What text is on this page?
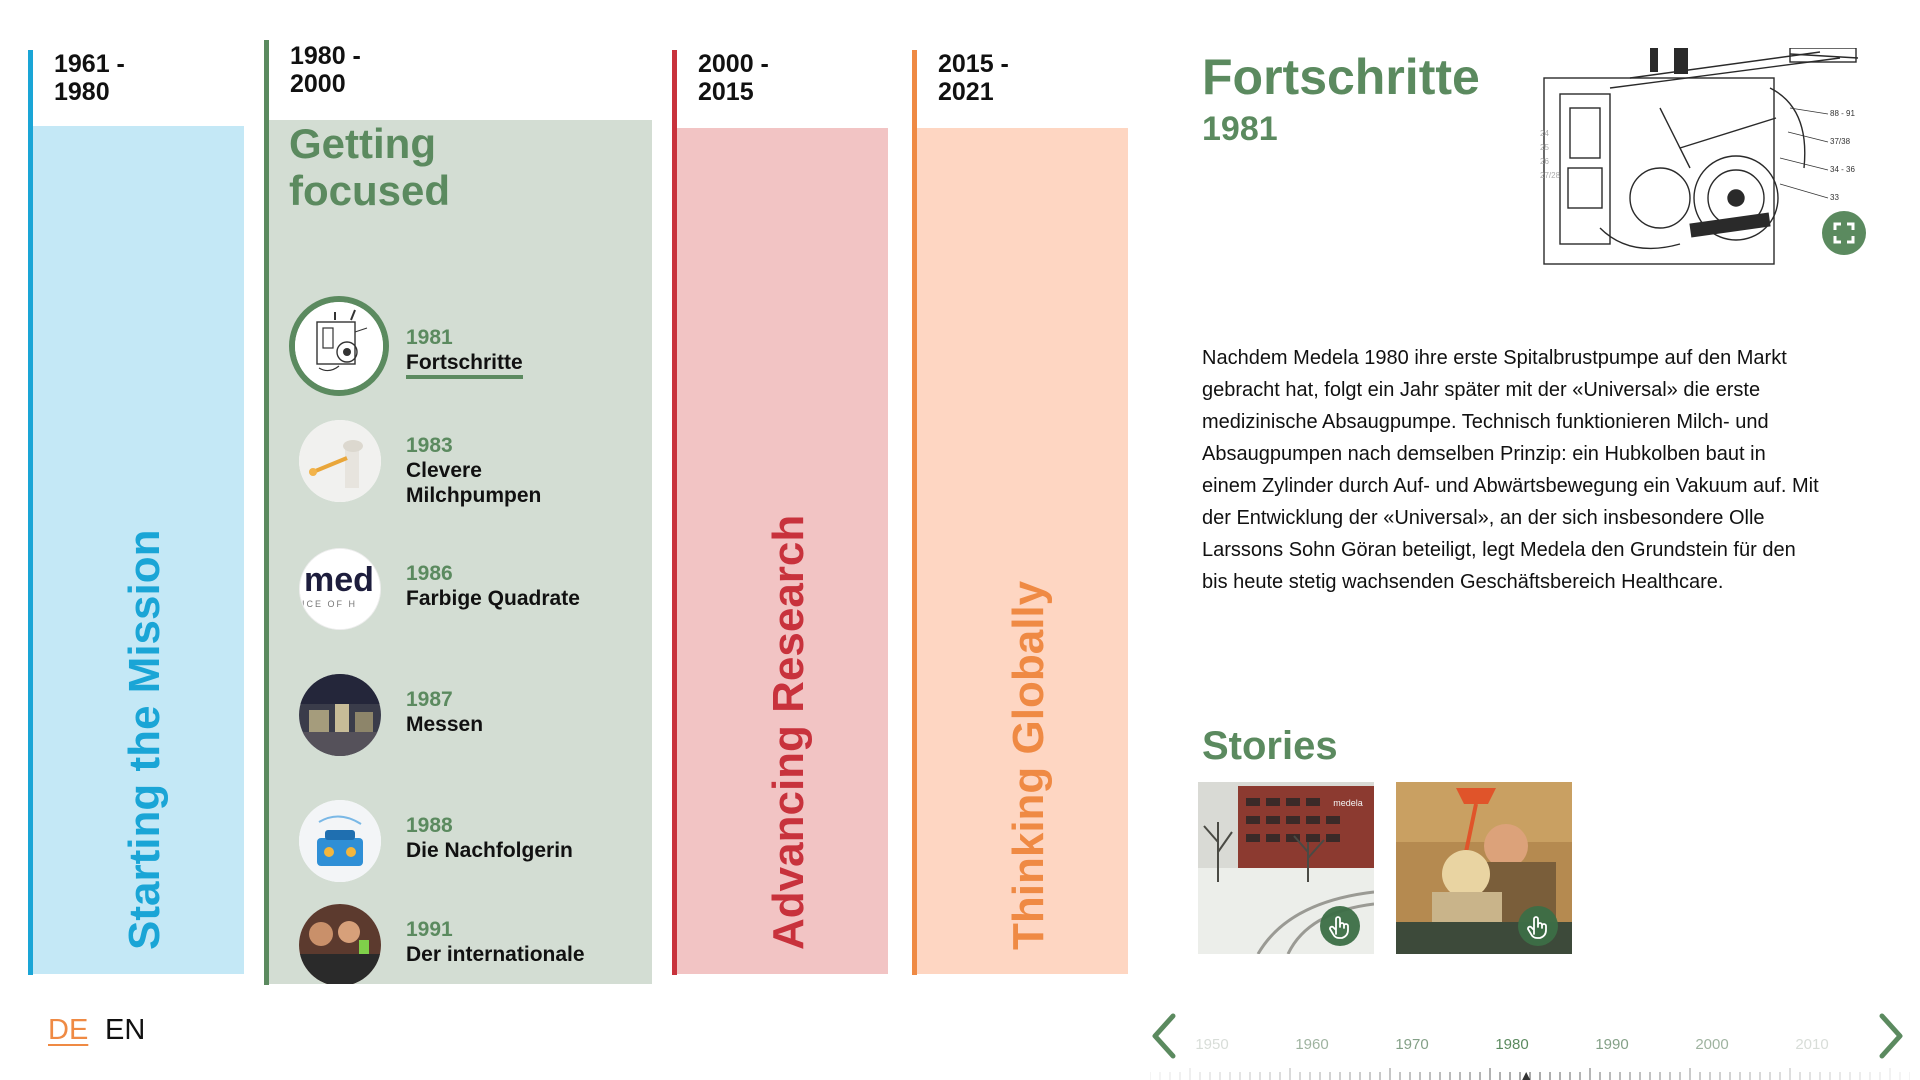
1961 - 1980
Starting the Mission
1980 - 2000
Getting focused
1981
Fortschritte
1983
Clevere Milchpumpen
med
ICE OF H
1986
Farbige Quadrate
1987
Messen
1988
Die Nachfolgerin
1991
Der internationale
2000 - 2015
Advancing Research
2015 - 2021
Thinking Globally
DE EN
Fortschritte
1981	88 - 91
37/38
34 - 36
33
24
25
26
27/28
Nachdem Medela 1980 ihre erste Spitalbrustpumpe auf den Markt gebracht hat, folgt ein Jahr später mit der «Universal» die erste medizinische Absaugpumpe. Technisch funktionieren Milch- und Absaugpumpen nach demselben Prinzip: ein Hubkolben baut in einem Zylinder durch Auf- und Abwärtsbewegung ein Vakuum auf. Mit der Entwicklung der «Universal», an der sich insbesondere Olle Larssons Sohn Göran beteiligt, legt Medela den Grundstein für den bis heute stetig wachsenden Geschäftsbereich Healthcare.
Stories
medela
1950	1960	1970	1980	1990	2000	2010
